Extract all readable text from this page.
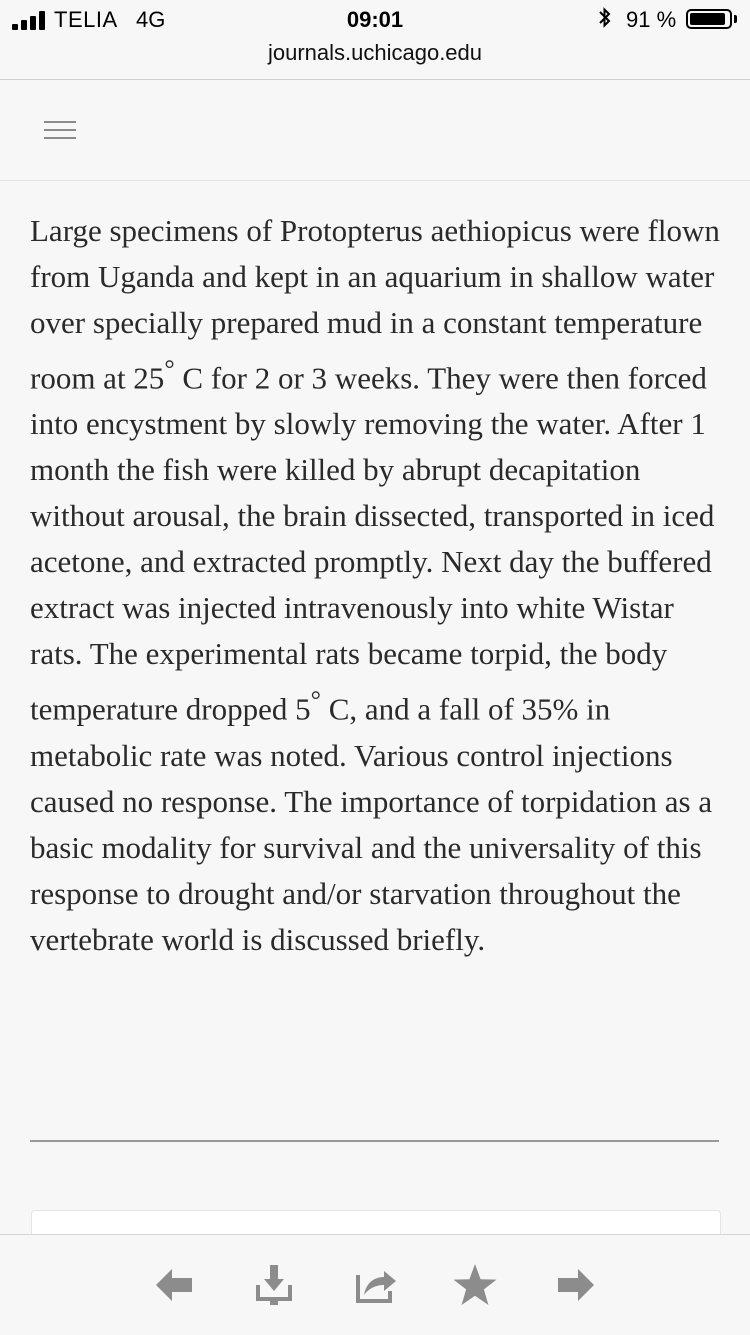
TELIA 4G	09:01	91 %
journals.uchicago.edu

Large specimens of Protopterus aethiopicus were flown from Uganda and kept in an aquarium in shallow water over specially prepared mud in a constant temperature room at 25° C for 2 or 3 weeks. They were then forced into encystment by slowly removing the water. After 1 month the fish were killed by abrupt decapitation without arousal, the brain dissected, transported in iced acetone, and extracted promptly. Next day the buffered extract was injected intravenously into white Wistar rats. The experimental rats became torpid, the body temperature dropped 5° C, and a fall of 35% in metabolic rate was noted. Various control injections caused no response. The importance of torpidation as a basic modality for survival and the universality of this response to drought and/or starvation throughout the vertebrate world is discussed briefly.
